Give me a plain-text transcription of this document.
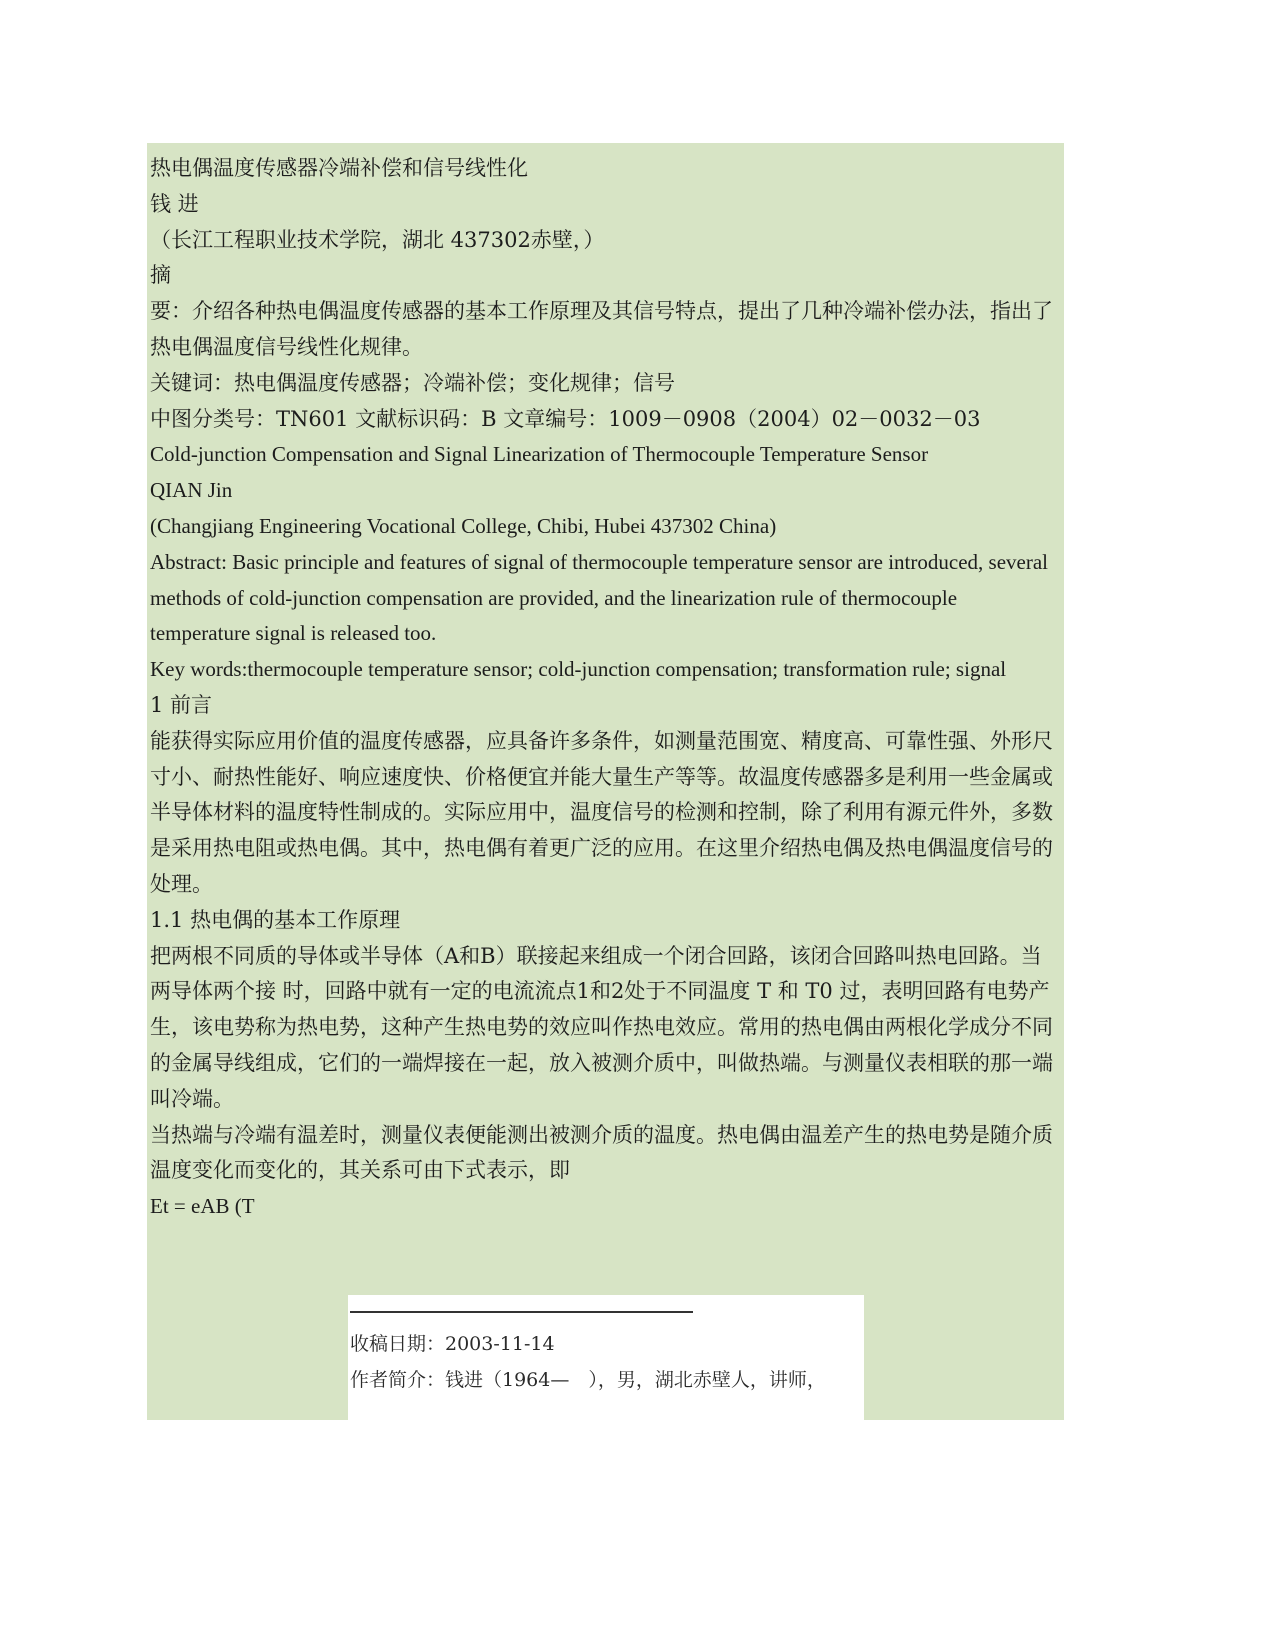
热电偶温度传感器冷端补偿和信号线性化

钱 进

（长江工程职业技术学院，湖北 437302赤壁，）

摘

要：介绍各种热电偶温度传感器的基本工作原理及其信号特点，提出了几种冷端补偿办法，指出了热电偶温度信号线性化规律。

关键词：热电偶温度传感器；冷端补偿；变化规律；信号

中图分类号：TN601 文献标识码：B 文章编号：1009－0908（2004）02－0032－03

Cold-junction Compensation and Signal Linearization of Thermocouple Temperature Sensor

QIAN Jin

(Changjiang Engineering Vocational College, Chibi, Hubei 437302 China)

Abstract: Basic principle and features of signal of thermocouple temperature sensor are introduced, several methods of cold-junction compensation are provided, and the linearization rule of thermocouple temperature signal is released too.

Key words:thermocouple temperature sensor; cold-junction compensation; transformation rule; signal

1 前言

能获得实际应用价值的温度传感器，应具备许多条件，如测量范围宽、精度高、可靠性强、外形尺寸小、耐热性能好、响应速度快、价格便宜并能大量生产等等。故温度传感器多是利用一些金属或半导体材料的温度特性制成的。实际应用中，温度信号的检测和控制，除了利用有源元件外，多数是采用热电阻或热电偶。其中，热电偶有着更广泛的应用。在这里介绍热电偶及热电偶温度信号的处理。

1.1 热电偶的基本工作原理

把两根不同质的导体或半导体（A和B）联接起来组成一个闭合回路，该闭合回路叫热电回路。当两导体两个接 时，回路中就有一定的电流流点1和2处于不同温度 T 和 T0 过，表明回路有电势产生，该电势称为热电势，这种产生热电势的效应叫作热电效应。常用的热电偶由两根化学成分不同的金属导线组成，它们的一端焊接在一起，放入被测介质中，叫做热端。与测量仪表相联的那一端叫冷端。

当热端与冷端有温差时，测量仪表便能测出被测介质的温度。热电偶由温差产生的热电势是随介质温度变化而变化的，其关系可由下式表示，即

Et = eAB (T

收稿日期：2003-11-14
作者简介：钱进（1964—　），男，湖北赤壁人，讲师，
